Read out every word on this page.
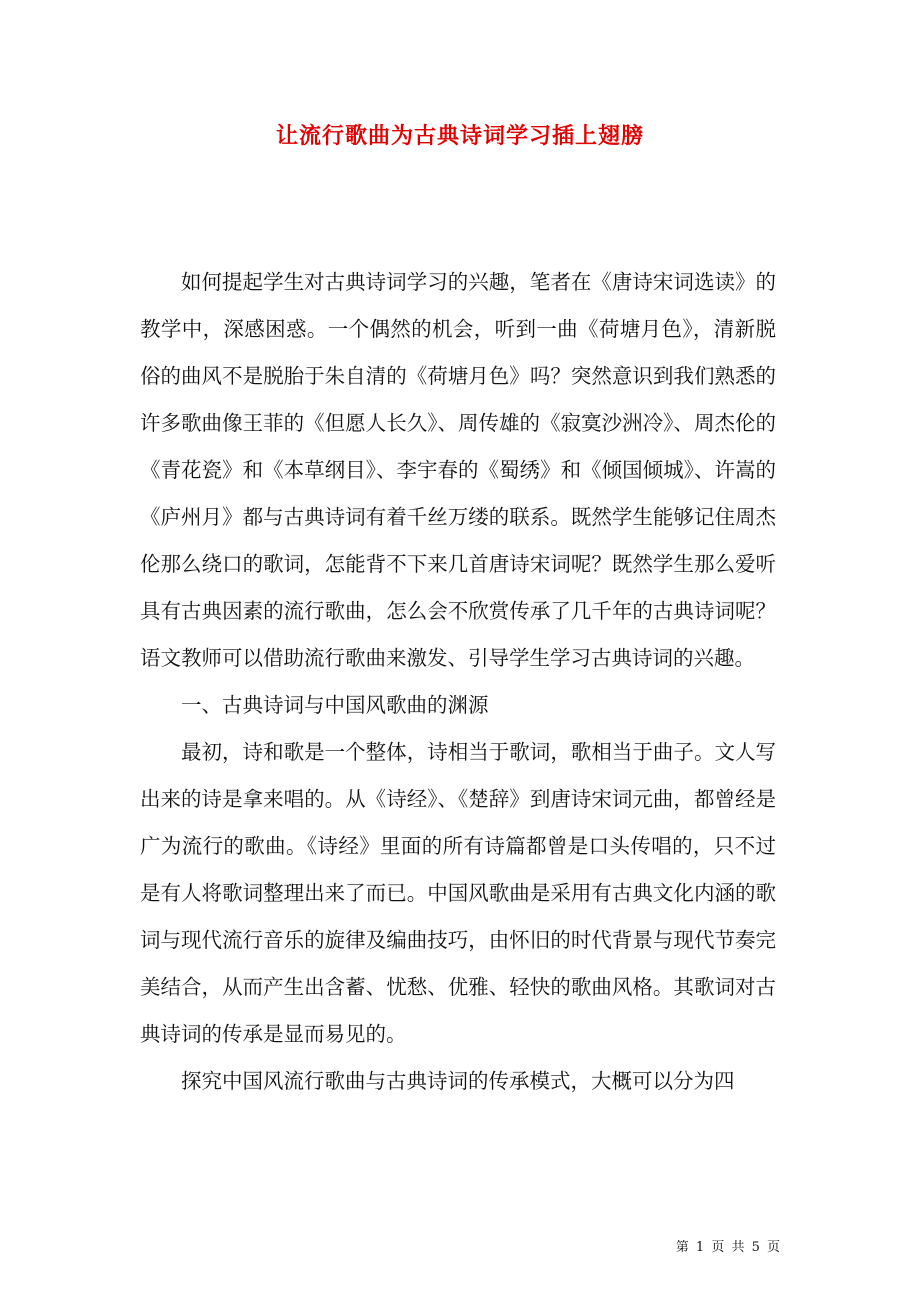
让流行歌曲为古典诗词学习插上翅膀

如何提起学生对古典诗词学习的兴趣，笔者在《唐诗宋词选读》的教学中，深感困惑。一个偶然的机会，听到一曲《荷塘月色》，清新脱俗的曲风不是脱胎于朱自清的《荷塘月色》吗？突然意识到我们熟悉的许多歌曲像王菲的《但愿人长久》、周传雄的《寂寞沙洲冷》、周杰伦的《青花瓷》和《本草纲目》、李宇春的《蜀绣》和《倾国倾城》、许嵩的《庐州月》都与古典诗词有着千丝万缕的联系。既然学生能够记住周杰伦那么绕口的歌词，怎能背不下来几首唐诗宋词呢？既然学生那么爱听具有古典因素的流行歌曲，怎么会不欣赏传承了几千年的古典诗词呢？语文教师可以借助流行歌曲来激发、引导学生学习古典诗词的兴趣。

一、古典诗词与中国风歌曲的渊源

最初，诗和歌是一个整体，诗相当于歌词，歌相当于曲子。文人写出来的诗是拿来唱的。从《诗经》、《楚辞》到唐诗宋词元曲，都曾经是广为流行的歌曲。《诗经》里面的所有诗篇都曾是口头传唱的，只不过是有人将歌词整理出来了而已。中国风歌曲是采用有古典文化内涵的歌词与现代流行音乐的旋律及编曲技巧，由怀旧的时代背景与现代节奏完美结合，从而产生出含蓄、忧愁、优雅、轻快的歌曲风格。其歌词对古典诗词的传承是显而易见的。

探究中国风流行歌曲与古典诗词的传承模式，大概可以分为四

第 1 页 共 5 页
